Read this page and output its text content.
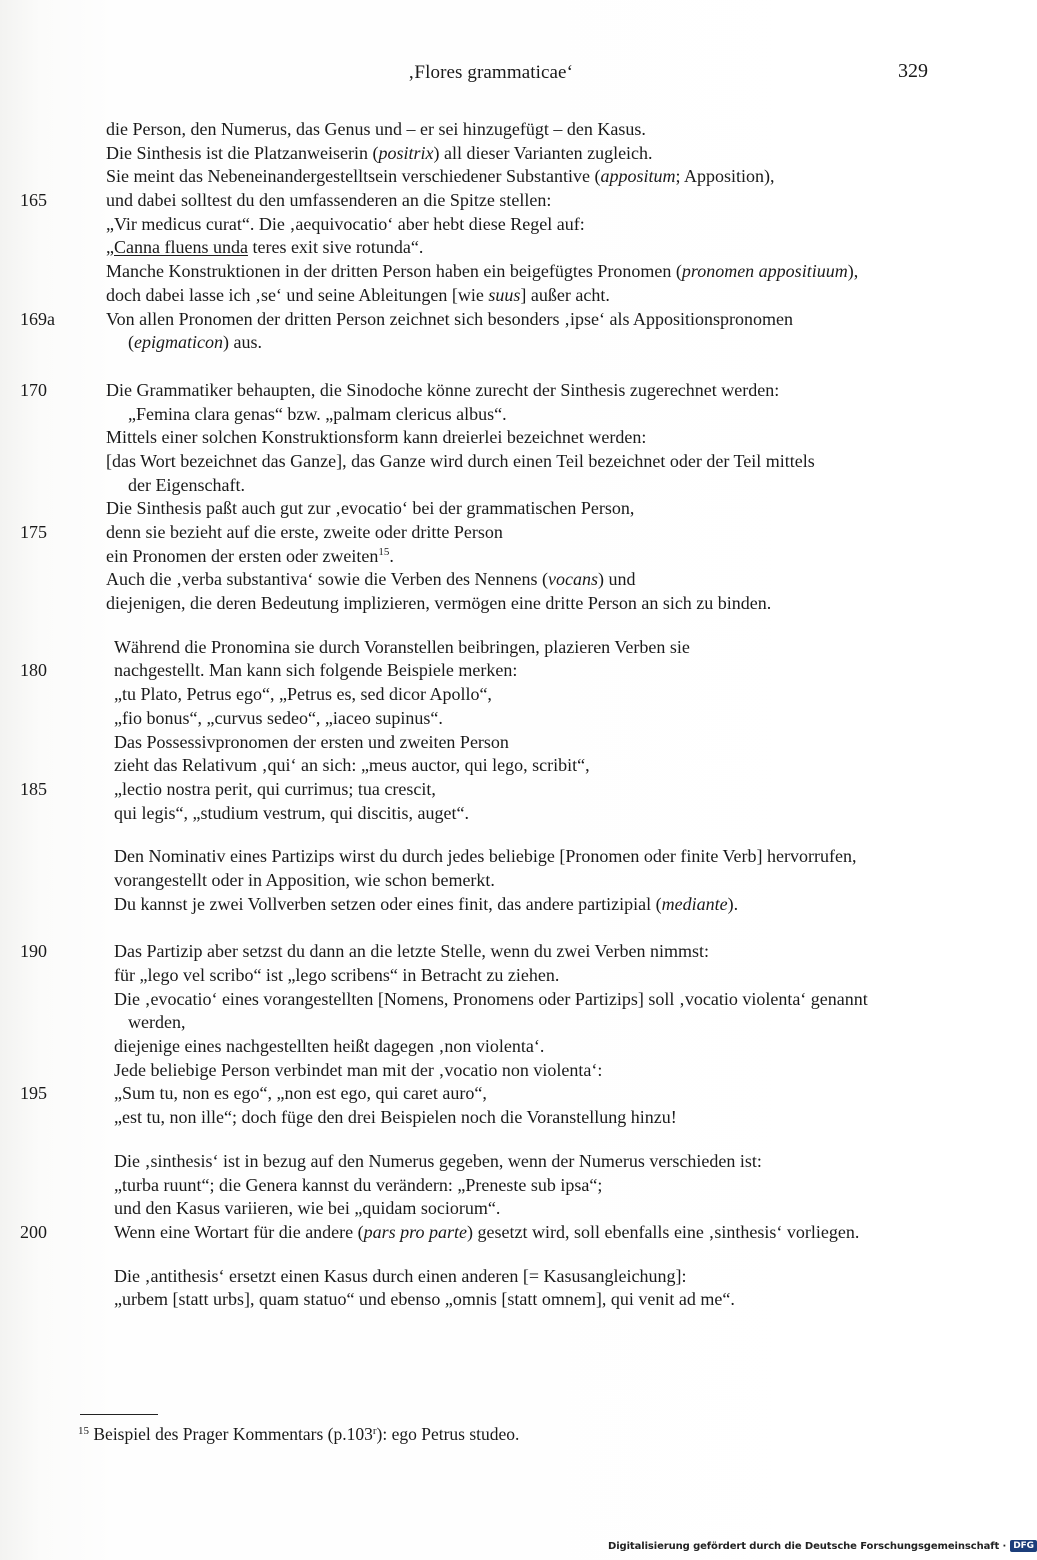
‚Flores grammaticae‘	329
die Person, den Numerus, das Genus und – er sei hinzugefügt – den Kasus.
Die Sinthesis ist die Platzanweiserin (positrix) all dieser Varianten zugleich.
Sie meint das Nebeneinandergestelltsein verschiedener Substantive (appositum; Apposition),
165	und dabei solltest du den umfassenderen an die Spitze stellen:
„Vir medicus curat“. Die ‚aequivocatio‘ aber hebt diese Regel auf:
„Canna fluens unda teres exit sive rotunda“.
Manche Konstruktionen in der dritten Person haben ein beigefügtes Pronomen (pronomen appositiuum),
doch dabei lasse ich ‚se‘ und seine Ableitungen [wie suus] außer acht.
169a	Von allen Pronomen der dritten Person zeichnet sich besonders ‚ipse‘ als Appositionspronomen
(epigmaticon) aus.
170	Die Grammatiker behaupten, die Sinodoche könne zurecht der Sinthesis zugerechnet werden:
„Femina clara genas“ bzw. „palmam clericus albus“.
Mittels einer solchen Konstruktionsform kann dreierlei bezeichnet werden:
[das Wort bezeichnet das Ganze], das Ganze wird durch einen Teil bezeichnet oder der Teil mittels
der Eigenschaft.
Die Sinthesis paßt auch gut zur ‚evocatio‘ bei der grammatischen Person,
175	denn sie bezieht auf die erste, zweite oder dritte Person
ein Pronomen der ersten oder zweiten$^{15}$.
Auch die ‚verba substantiva‘ sowie die Verben des Nennens (vocans) und
diejenigen, die deren Bedeutung implizieren, vermögen eine dritte Person an sich zu binden.
Während die Pronomina sie durch Voranstellen beibringen, plazieren Verben sie
180	nachgestellt. Man kann sich folgende Beispiele merken:
„tu Plato, Petrus ego“, „Petrus es, sed dicor Apollo“,
„fio bonus“, „curvus sedeo“, „iaceo supinus“.
Das Possessivpronomen der ersten und zweiten Person
zieht das Relativum ‚qui‘ an sich: „meus auctor, qui lego, scribit“,
185	„lectio nostra perit, qui currimus; tua crescit,
qui legis“, „studium vestrum, qui discitis, auget“.
Den Nominativ eines Partizips wirst du durch jedes beliebige [Pronomen oder finite Verb] hervorrufen,
vorangestellt oder in Apposition, wie schon bemerkt.
Du kannst je zwei Vollverben setzen oder eines finit, das andere partizipial (mediante).
190	Das Partizip aber setzst du dann an die letzte Stelle, wenn du zwei Verben nimmst:
für „lego vel scribo“ ist „lego scribens“ in Betracht zu ziehen.
Die ‚evocatio‘ eines vorangestellten [Nomens, Pronomens oder Partizips] soll ‚vocatio violenta‘ genannt
werden,
diejenige eines nachgestellten heißt dagegen ‚non violenta‘.
Jede beliebige Person verbindet man mit der ‚vocatio non violenta‘:
195	„Sum tu, non es ego“, „non est ego, qui caret auro“,
„est tu, non ille“; doch füge den drei Beispielen noch die Voranstellung hinzu!
Die ‚sinthesis‘ ist in bezug auf den Numerus gegeben, wenn der Numerus verschieden ist:
„turba ruunt“; die Genera kannst du verändern: „Preneste sub ipsa“;
und den Kasus variieren, wie bei „quidam sociorum“.
200	Wenn eine Wortart für die andere (pars pro parte) gesetzt wird, soll ebenfalls eine ‚sinthesis‘ vorliegen.
Die ‚antithesis‘ ersetzt einen Kasus durch einen anderen [= Kasusangleichung]:
„urbem [statt urbs], quam statuo“ und ebenso „omnis [statt omnem], qui venit ad me“.
$^{15}$ Beispiel des Prager Kommentars (p.103$^r$): ego Petrus studeo.
Digitalisierung gefördert durch die Deutsche Forschungsgemeinschaft · DFG
